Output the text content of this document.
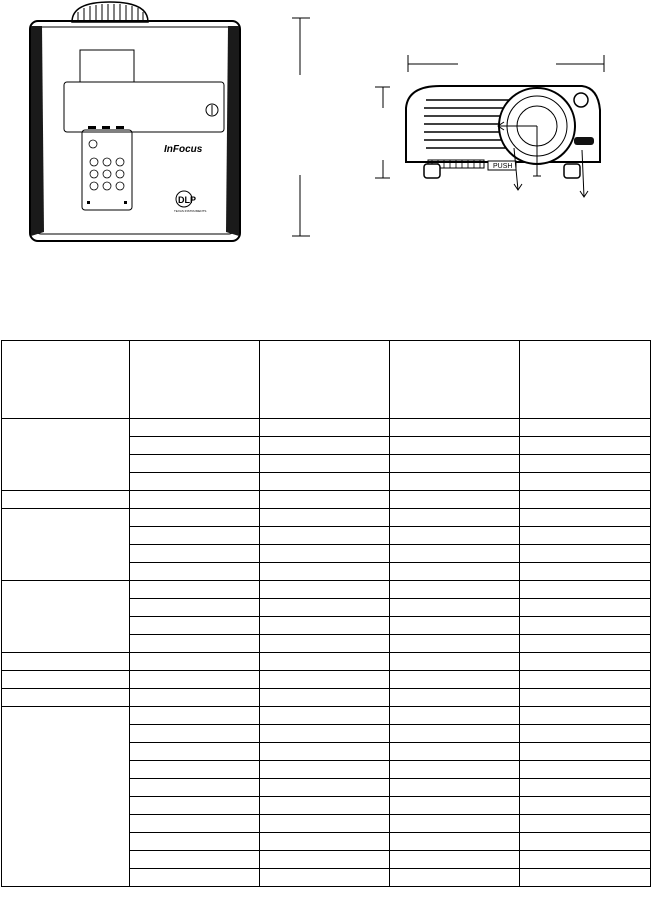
InFocus
DLP
TEXAS INSTRUMENTS
PUSH
